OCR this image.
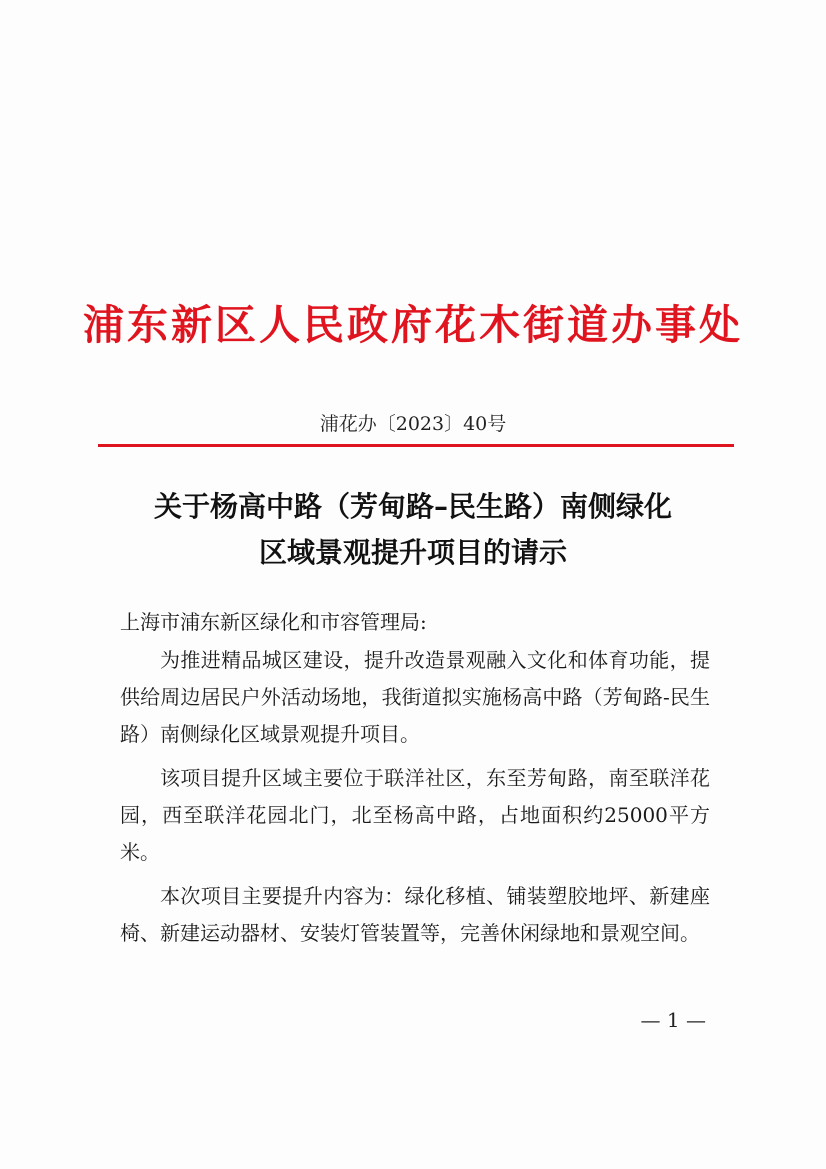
浦东新区人民政府花木街道办事处
浦花办〔2023〕40号
关于杨高中路（芳甸路–民生路）南侧绿化
区域景观提升项目的请示
上海市浦东新区绿化和市容管理局:

为推进精品城区建设，提升改造景观融入文化和体育功能，提供给周边居民户外活动场地，我街道拟实施杨高中路（芳甸路-民生路）南侧绿化区域景观提升项目。

该项目提升区域主要位于联洋社区，东至芳甸路，南至联洋花园，西至联洋花园北门，北至杨高中路，占地面积约25000平方米。

本次项目主要提升内容为：绿化移植、铺装塑胶地坪、新建座椅、新建运动器材、安装灯管装置等，完善休闲绿地和景观空间。

— 1 —
